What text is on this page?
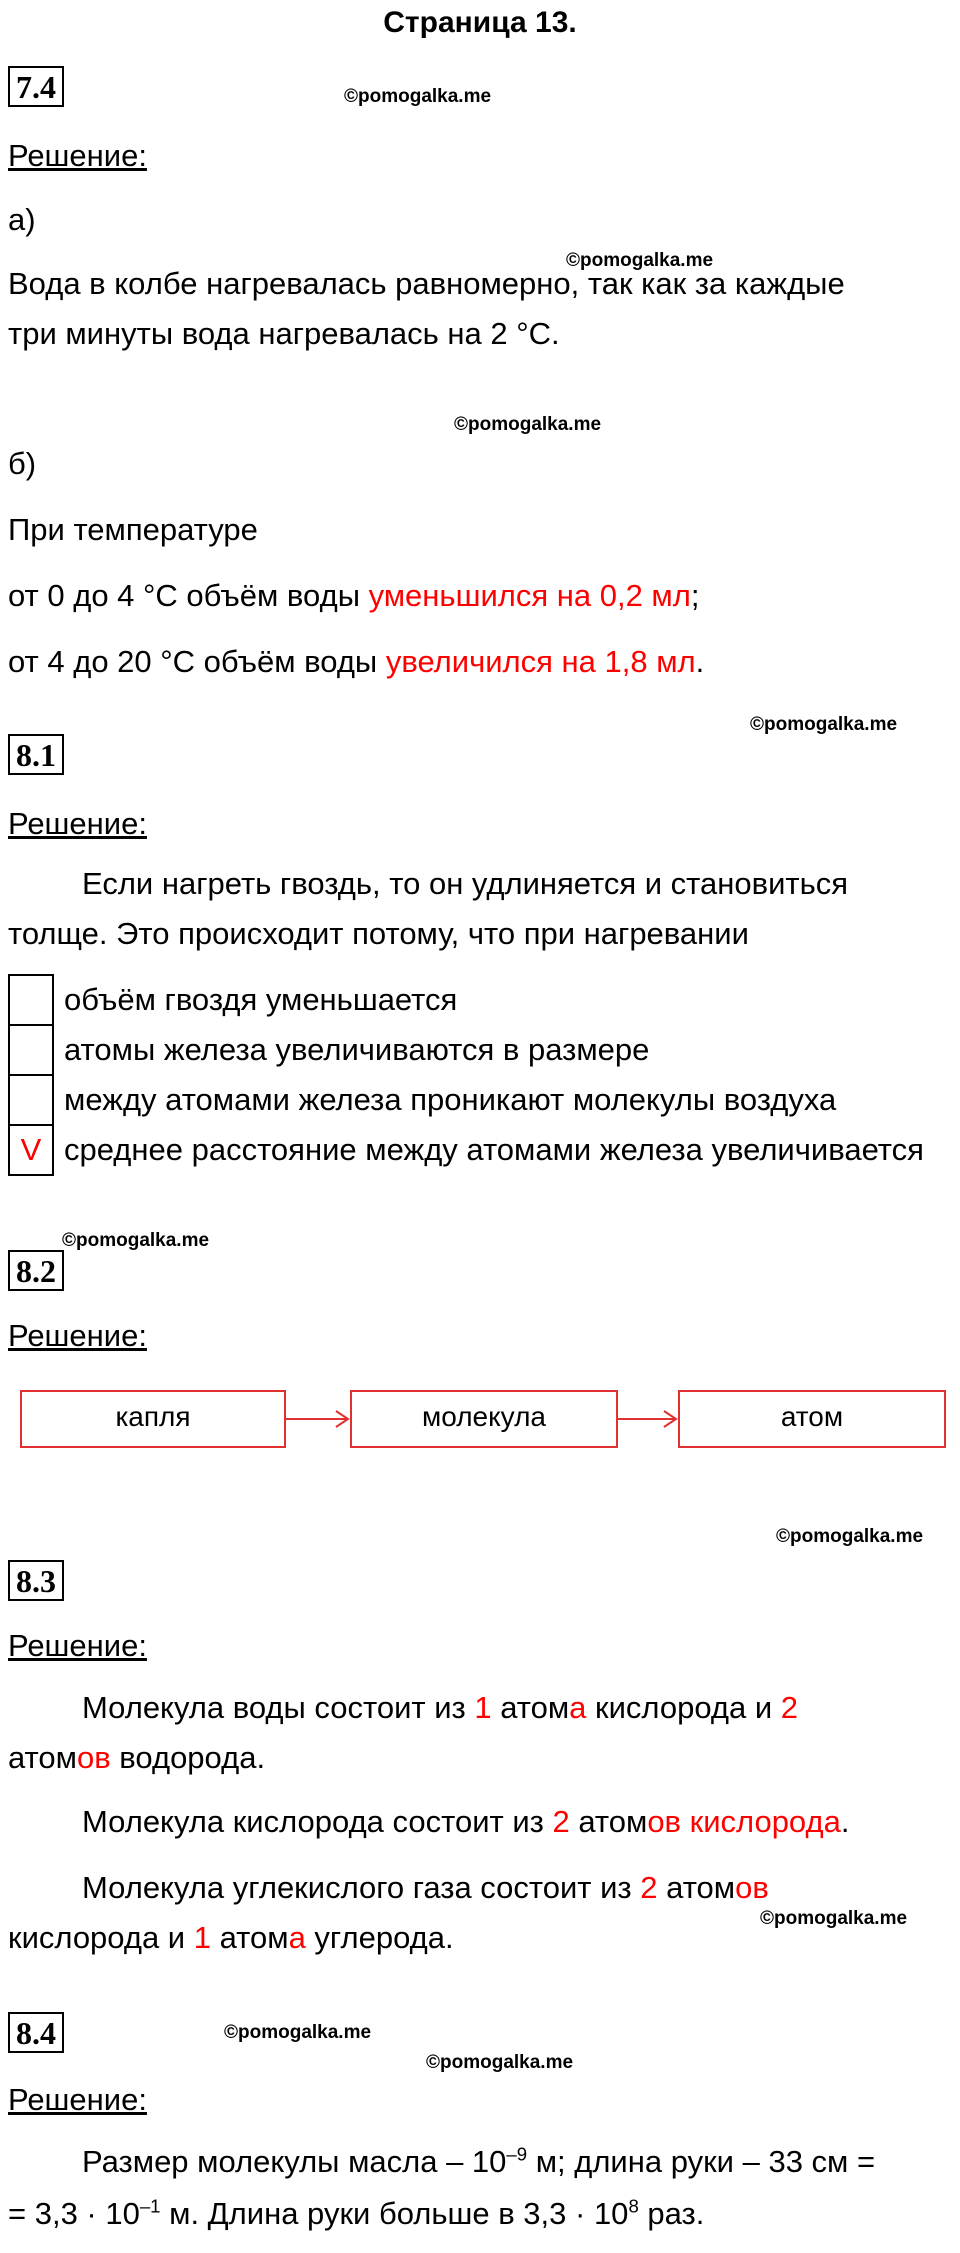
Страница 13.
7.4	©pomogalka.me
Решение:
а)
©pomogalka.me
Вода в колбе нагревалась равномерно, так как за каждые
три минуты вода нагревалась на 2 °С.
©pomogalka.me
б)
При температуре
от 0 до 4 °С объём воды уменьшился на 0,2 мл;
от 4 до 20 °С объём воды увеличился на 1,8 мл.
©pomogalka.me
8.1
Решение:
Если нагреть гвоздь, то он удлиняется и становиться
толще. Это происходит потому, что при нагревании
	объём гвоздя уменьшается
	атомы железа увеличиваются в размере
	между атомами железа проникают молекулы воздуха
V	среднее расстояние между атомами железа увеличивается
©pomogalka.me
8.2
Решение:
капля	молекула	атом
©pomogalka.me
8.3
Решение:
Молекула воды состоит из 1 атома кислорода и 2
атомов водорода.
Молекула кислорода состоит из 2 атомов кислорода.
Молекула углекислого газа состоит из 2 атомов
©pomogalka.me
кислорода и 1 атома углерода.
8.4	©pomogalka.me
©pomogalka.me
Решение:
Размер молекулы масла – $10^{-9}$ м; длина руки – 33 см =
= $3,3 \cdot 10^{-1}$ м. Длина руки больше в $3,3 \cdot 10^8$ раз.
